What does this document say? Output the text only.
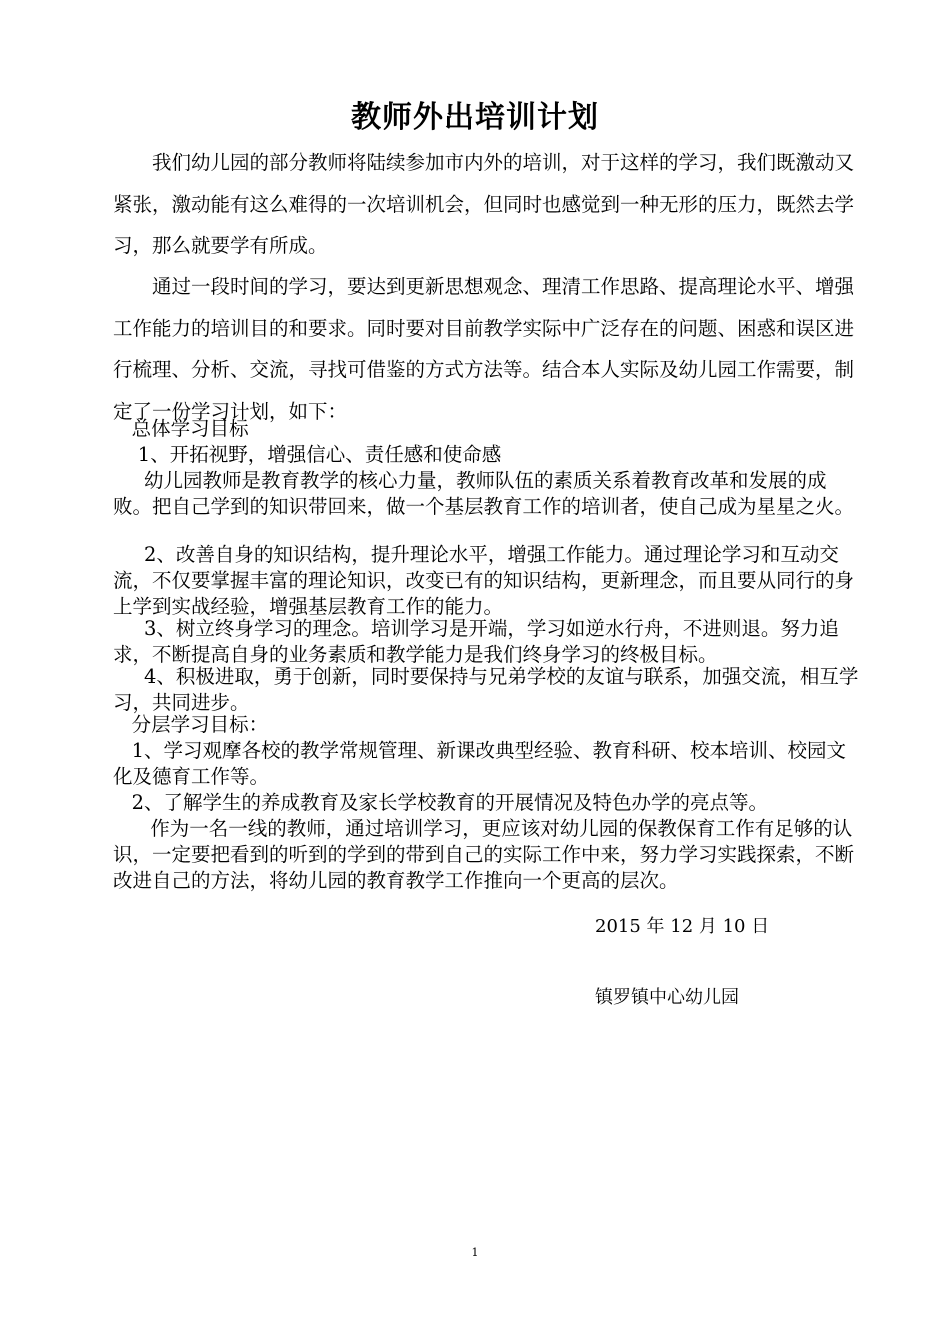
教师外出培训计划

我们幼儿园的部分教师将陆续参加市内外的培训，对于这样的学习，我们既激动又紧张，激动能有这么难得的一次培训机会，但同时也感觉到一种无形的压力，既然去学习，那么就要学有所成。

通过一段时间的学习，要达到更新思想观念、理清工作思路、提高理论水平、增强工作能力的培训目的和要求。同时要对目前教学实际中广泛存在的问题、困惑和误区进行梳理、分析、交流，寻找可借鉴的方式方法等。结合本人实际及幼儿园工作需要，制定了一份学习计划，如下：

总体学习目标

1、开拓视野，增强信心、责任感和使命感

幼儿园教师是教育教学的核心力量，教师队伍的素质关系着教育改革和发展的成败。把自己学到的知识带回来，做一个基层教育工作的培训者，使自己成为星星之火。

2、改善自身的知识结构，提升理论水平，增强工作能力。通过理论学习和互动交流，不仅要掌握丰富的理论知识，改变已有的知识结构，更新理念，而且要从同行的身上学到实战经验，增强基层教育工作的能力。

3、树立终身学习的理念。培训学习是开端，学习如逆水行舟，不进则退。努力追求，不断提高自身的业务素质和教学能力是我们终身学习的终极目标。

4、积极进取，勇于创新，同时要保持与兄弟学校的友谊与联系，加强交流，相互学习，共同进步。

分层学习目标：

1、学习观摩各校的教学常规管理、新课改典型经验、教育科研、校本培训、校园文化及德育工作等。

2、了解学生的养成教育及家长学校教育的开展情况及特色办学的亮点等。

作为一名一线的教师，通过培训学习，更应该对幼儿园的保教保育工作有足够的认识，一定要把看到的听到的学到的带到自己的实际工作中来，努力学习实践探索，不断改进自己的方法，将幼儿园的教育教学工作推向一个更高的层次。

2015 年 12 月 10 日
镇罗镇中心幼儿园
1
